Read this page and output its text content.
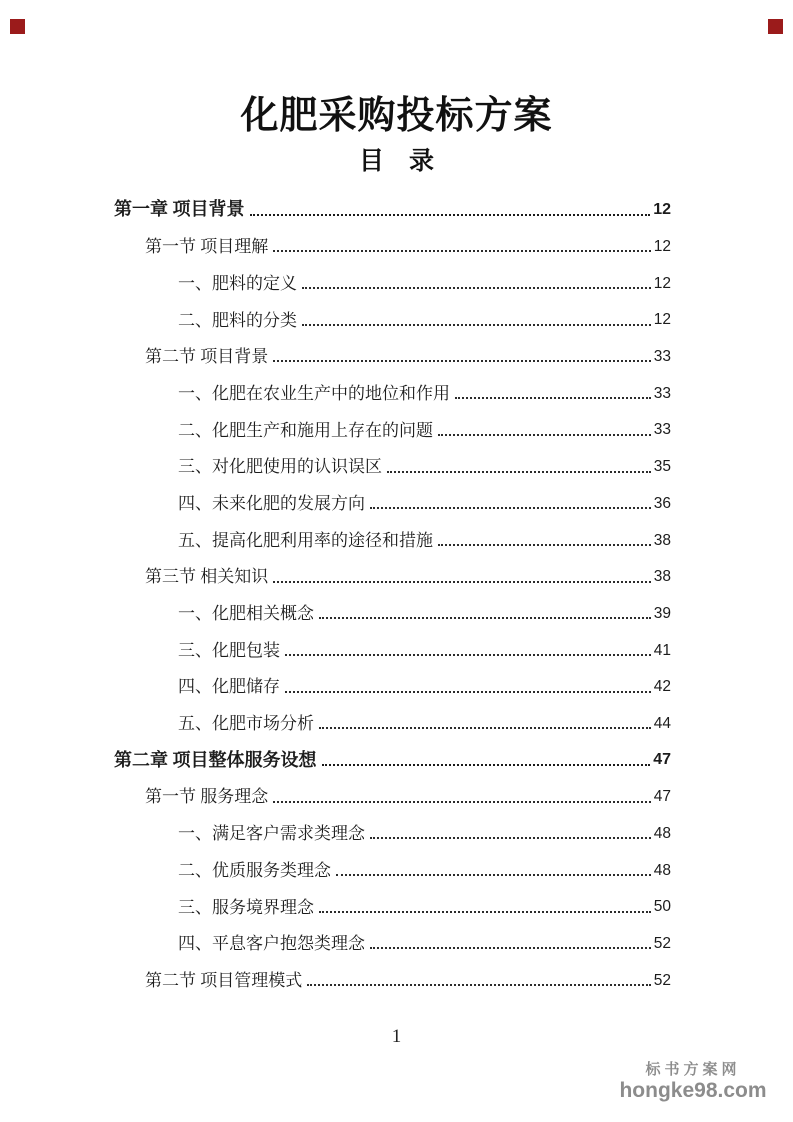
化肥采购投标方案
目　录
第一章 项目背景	12
第一节 项目理解	12
一、肥料的定义	12
二、肥料的分类	12
第二节 项目背景	33
一、化肥在农业生产中的地位和作用	33
二、化肥生产和施用上存在的问题	33
三、对化肥使用的认识误区	35
四、未来化肥的发展方向	36
五、提高化肥利用率的途径和措施	38
第三节 相关知识	38
一、化肥相关概念	39
三、化肥包装	41
四、化肥储存	42
五、化肥市场分析	44
第二章 项目整体服务设想	47
第一节 服务理念	47
一、满足客户需求类理念	48
二、优质服务类理念	48
三、服务境界理念	50
四、平息客户抱怨类理念	52
第二节 项目管理模式	52
1
标书方案网
hongke98.com
